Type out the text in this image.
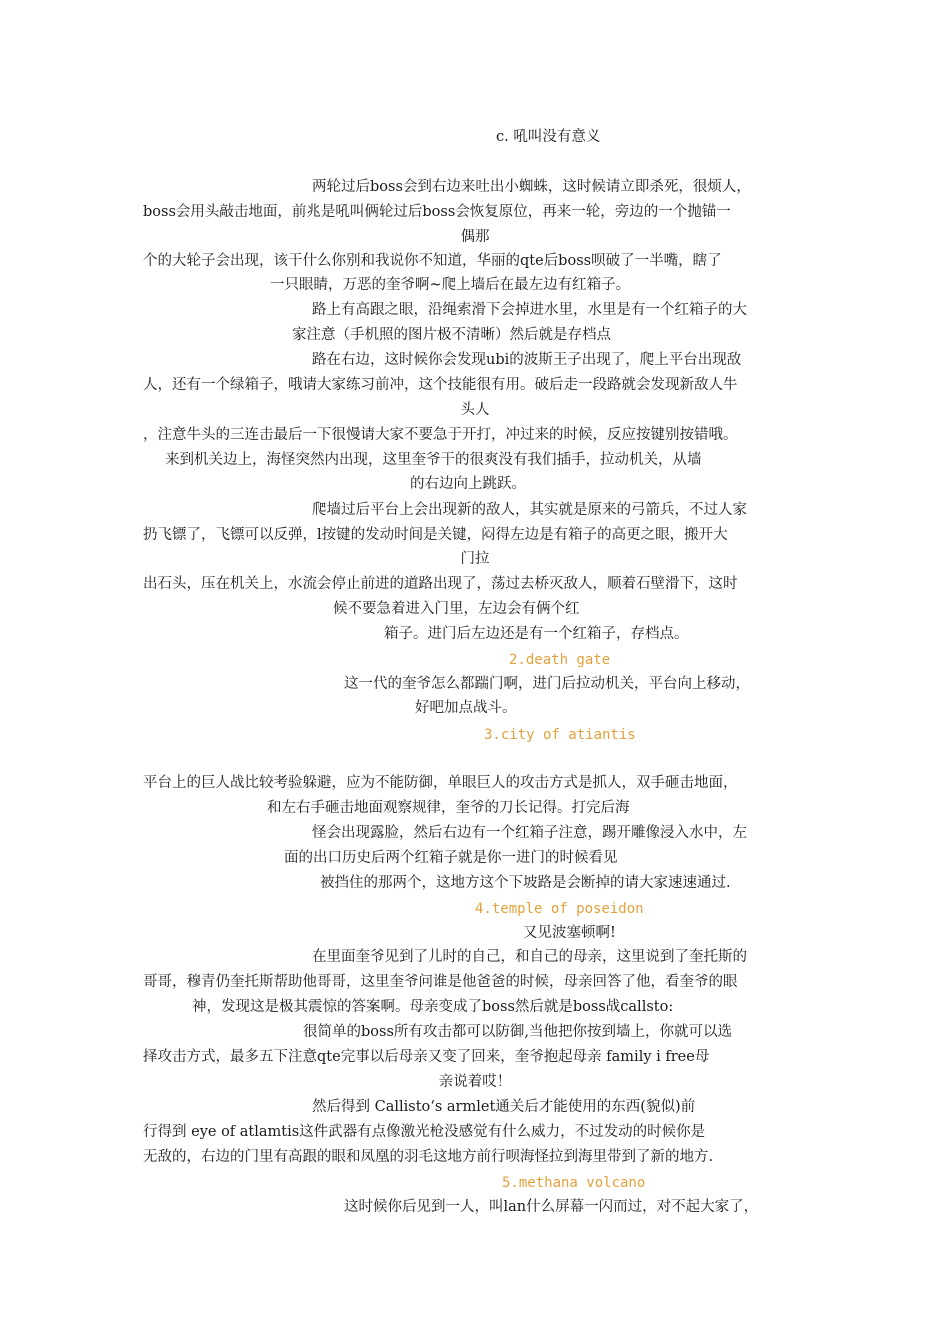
c. 吼叫没有意义
两轮过后boss会到右边来吐出小蜘蛛，这时候请立即杀死，很烦人，
boss会用头敲击地面，前兆是吼叫俩轮过后boss会恢复原位，再来一轮，旁边的一个抛锚一
偶那
个的大轮子会出现，该干什么你别和我说你不知道，华丽的qte后boss呗破了一半嘴，瞎了
一只眼睛，万恶的奎爷啊~爬上墙后在最左边有红箱子。
路上有高跟之眼，沿绳索滑下会掉进水里，水里是有一个红箱子的大
家注意（手机照的图片极不清晰）然后就是存档点
路在右边，这时候你会发现ubi的波斯王子出现了，爬上平台出现敌
人，还有一个绿箱子，哦请大家练习前冲，这个技能很有用。破后走一段路就会发现新敌人牛
头人
，注意牛头的三连击最后一下很慢请大家不要急于开打，冲过来的时候，反应按键别按错哦。
来到机关边上，海怪突然内出现，这里奎爷干的很爽没有我们插手，拉动机关，从墙
的右边向上跳跃。
爬墙过后平台上会出现新的敌人，其实就是原来的弓箭兵，不过人家
扔飞镖了，飞镖可以反弹，l按键的发动时间是关键，闷得左边是有箱子的高更之眼，搬开大
门拉
出石头，压在机关上，水流会停止前进的道路出现了，荡过去桥灭敌人，顺着石壁滑下，这时
候不要急着进入门里，左边会有俩个红
箱子。进门后左边还是有一个红箱子，存档点。
2.death gate
这一代的奎爷怎么都踹门啊，进门后拉动机关，平台向上移动，
好吧加点战斗。
3.city of atiantis
平台上的巨人战比较考验躲避，应为不能防御，单眼巨人的攻击方式是抓人，双手砸击地面，
和左右手砸击地面观察规律，奎爷的刀长记得。打完后海
怪会出现露脸，然后右边有一个红箱子注意，踢开雕像浸入水中，左
面的出口历史后两个红箱子就是你一进门的时候看见
被挡住的那两个，这地方这个下坡路是会断掉的请大家速速通过.
4.temple of poseidon
又见波塞顿啊!
在里面奎爷见到了儿时的自己，和自己的母亲，这里说到了奎托斯的
哥哥，穆青仍奎托斯帮助他哥哥，这里奎爷问谁是他爸爸的时候，母亲回答了他，看奎爷的眼
神，发现这是极其震惊的答案啊。母亲变成了boss然后就是boss战callsto:
很简单的boss所有攻击都可以防御,当他把你按到墙上，你就可以选
择攻击方式，最多五下注意qte完事以后母亲又变了回来，奎爷抱起母亲 family i free母
亲说着哎！
然后得到 Callisto‘s armlet通关后才能使用的东西(貌似)前
行得到 eye of atlamtis这件武器有点像激光枪没感觉有什么威力，不过发动的时候你是
无敌的，右边的门里有高跟的眼和凤凰的羽毛这地方前行呗海怪拉到海里带到了新的地方.
5.methana volcano
这时候你后见到一人，叫lan什么屏幕一闪而过，对不起大家了，
